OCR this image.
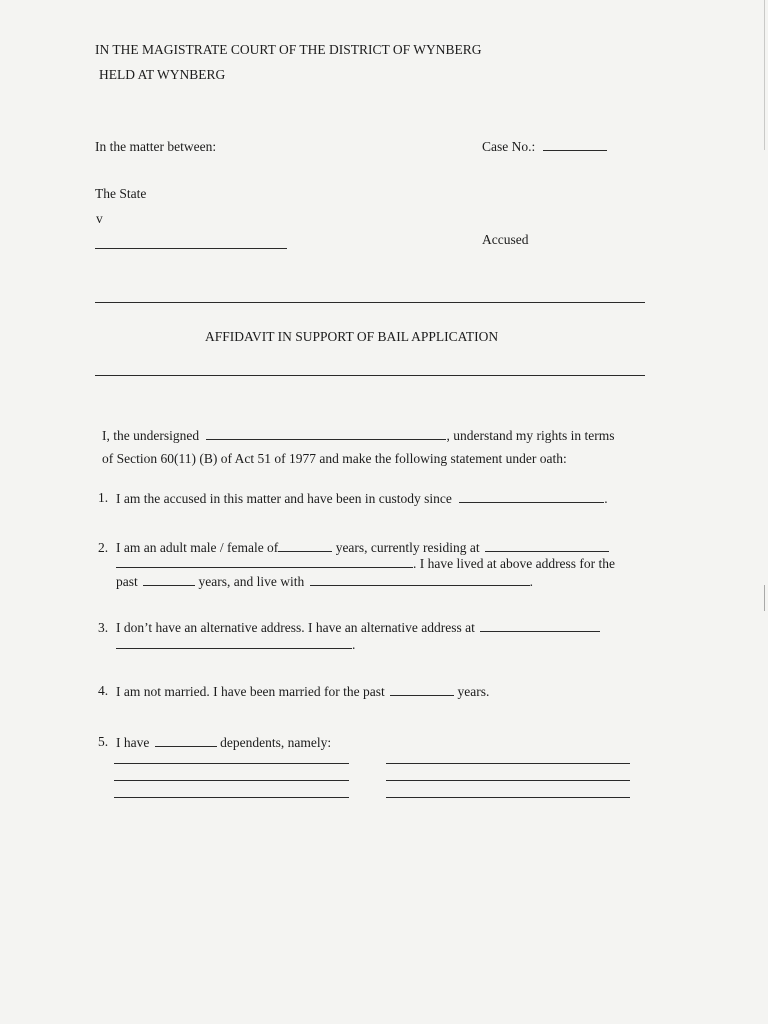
IN THE MAGISTRATE COURT OF THE DISTRICT OF WYNBERG
HELD AT WYNBERG
In the matter between:	Case No.:
The State
v
Accused
AFFIDAVIT IN SUPPORT OF BAIL APPLICATION
I, the undersigned	, understand my rights in terms
of Section 60(11) (B) of Act 51 of 1977 and make the following statement under oath:
1. I am the accused in this matter and have been in custody since	.
2. I am an adult male / female of	years, currently residing at
. I have lived at above address for the
past	years, and live with	.
3. I don’t have an alternative address. I have an alternative address at
.
4. I am not married. I have been married for the past	years.
5. I have	dependents, namely:
